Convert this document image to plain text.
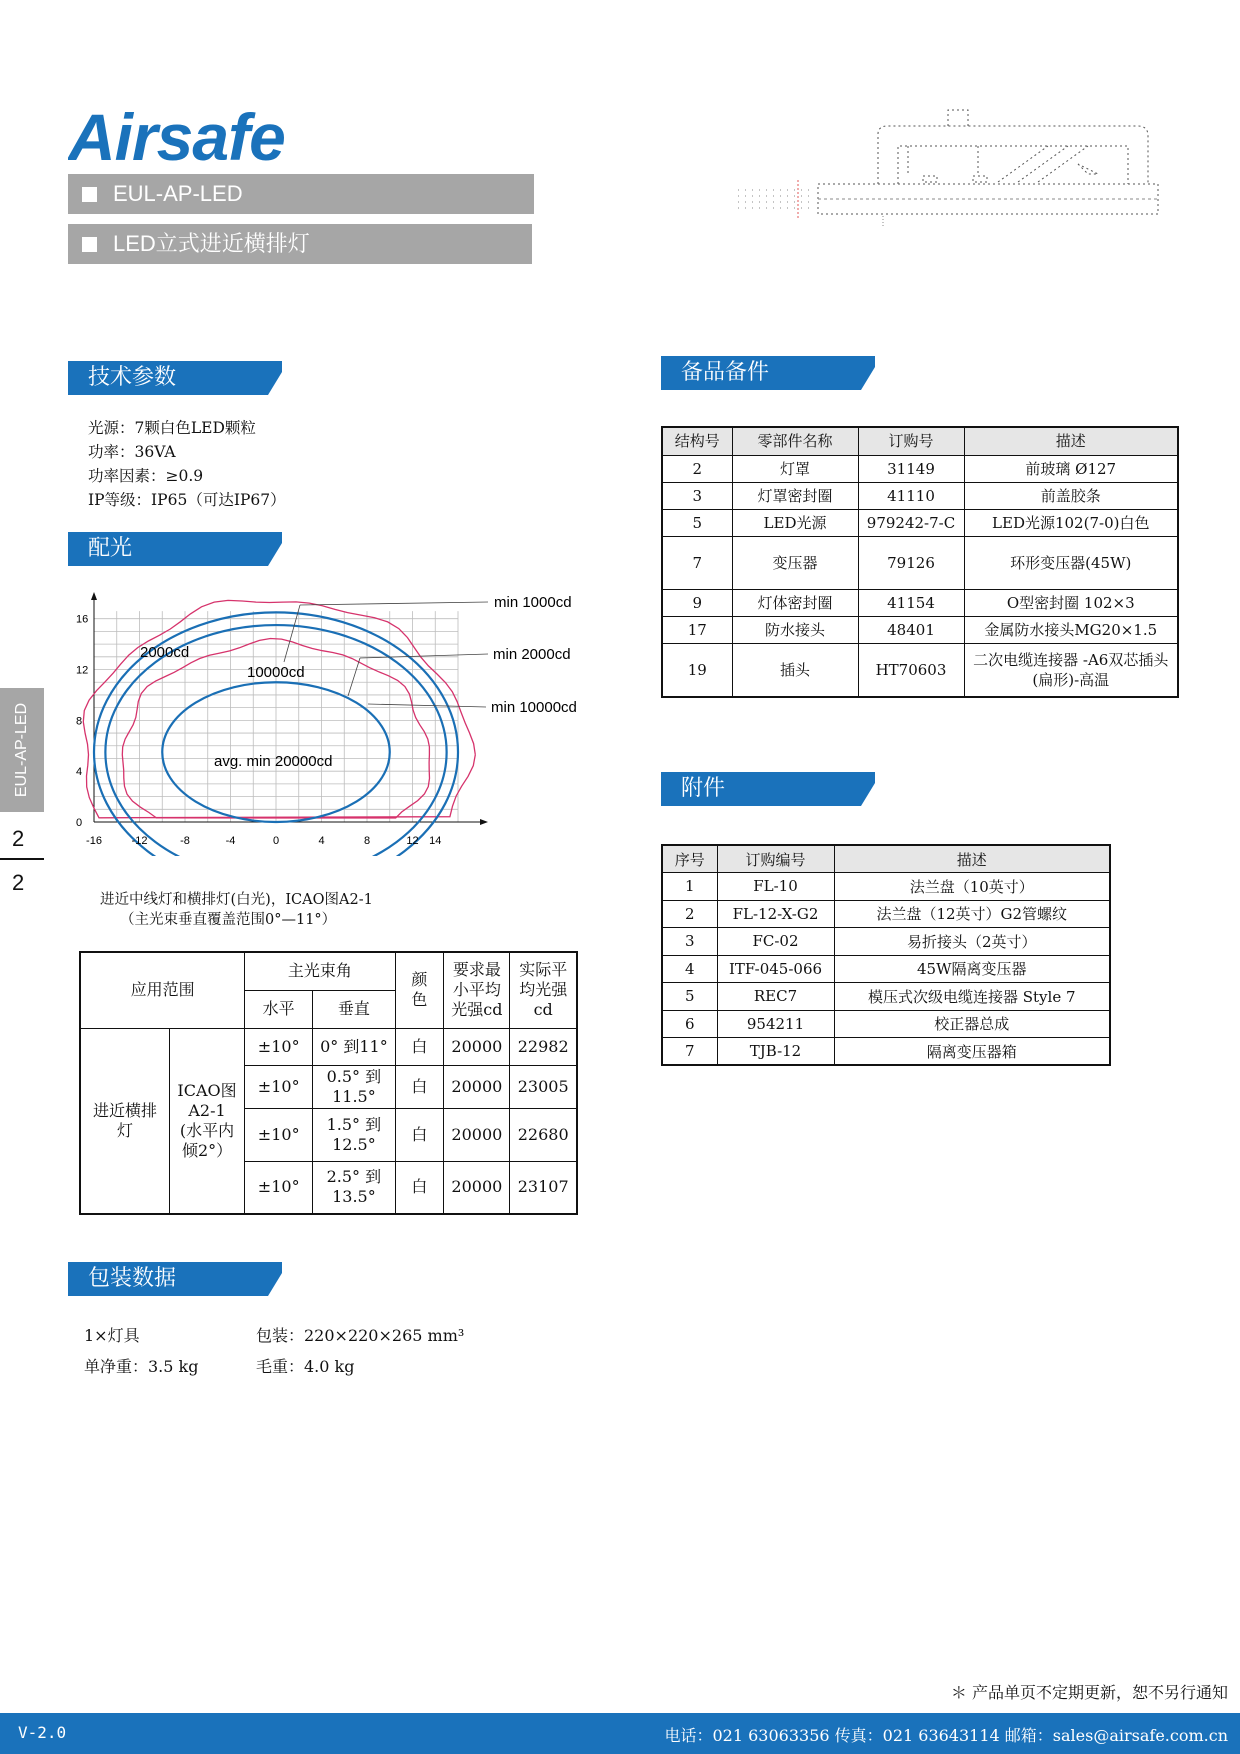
Airsafe
EUL-AP-LED
LED立式进近横排灯
技术参数
配光
备品备件
附件
包装数据
光源：7颗白色LED颗粒
功率：36VA
功率因素：≥0.9
IP等级：IP65（可达IP67）
-16	-12	-8	-4	0	4	8	12 14
16
12
8
4
0
min 1000cd
min 2000cd
min 10000cd
2000cd
10000cd
avg. min 20000cd
进近中线灯和横排灯(白光)，ICAO图A2-1
（主光束垂直覆盖范围0°—11°）
应用范围		主光束角		颜色	要求最小平均光强cd	实际平均光强cd
		水平	垂直			
进近横排灯	ICAO图A2-1 (水平内倾2°）	±10°	0° 到11°	白	20000	22982
		±10°	0.5° 到 11.5°	白	20000	23005
		±10°	1.5° 到 12.5°	白	20000	22680
		±10°	2.5° 到 13.5°	白	20000	23107
结构号	零部件名称	订购号	描述
2	灯罩	31149	前玻璃 Ø127
3	灯罩密封圈	41110	前盖胶条
5	LED光源	979242-7-C	LED光源102(7-0)白色
7	变压器	79126	环形变压器(45W)
9	灯体密封圈	41154	O型密封圈 102×3
17	防水接头	48401	金属防水接头MG20×1.5
19	插头	HT70603	二次电缆连接器 -A6双芯插头(扁形)-高温
序号	订购编号	描述
1	FL-10	法兰盘（10英寸）
2	FL-12-X-G2	法兰盘（12英寸）G2管螺纹
3	FC-02	易折接头（2英寸）
4	ITF-045-066	45W隔离变压器
5	REC7	模压式次级电缆连接器 Style 7
6	954211	校正器总成
7	TJB-12	隔离变压器箱
1×灯具	包装：220×220×265 mm³
单净重：3.5 kg	毛重：4.0 kg
EUL-AP-LED
2
2
＊ 产品单页不定期更新，恕不另行通知
V-2.0	电话：021 63063356 传真：021 63643114 邮箱：sales@airsafe.com.cn
